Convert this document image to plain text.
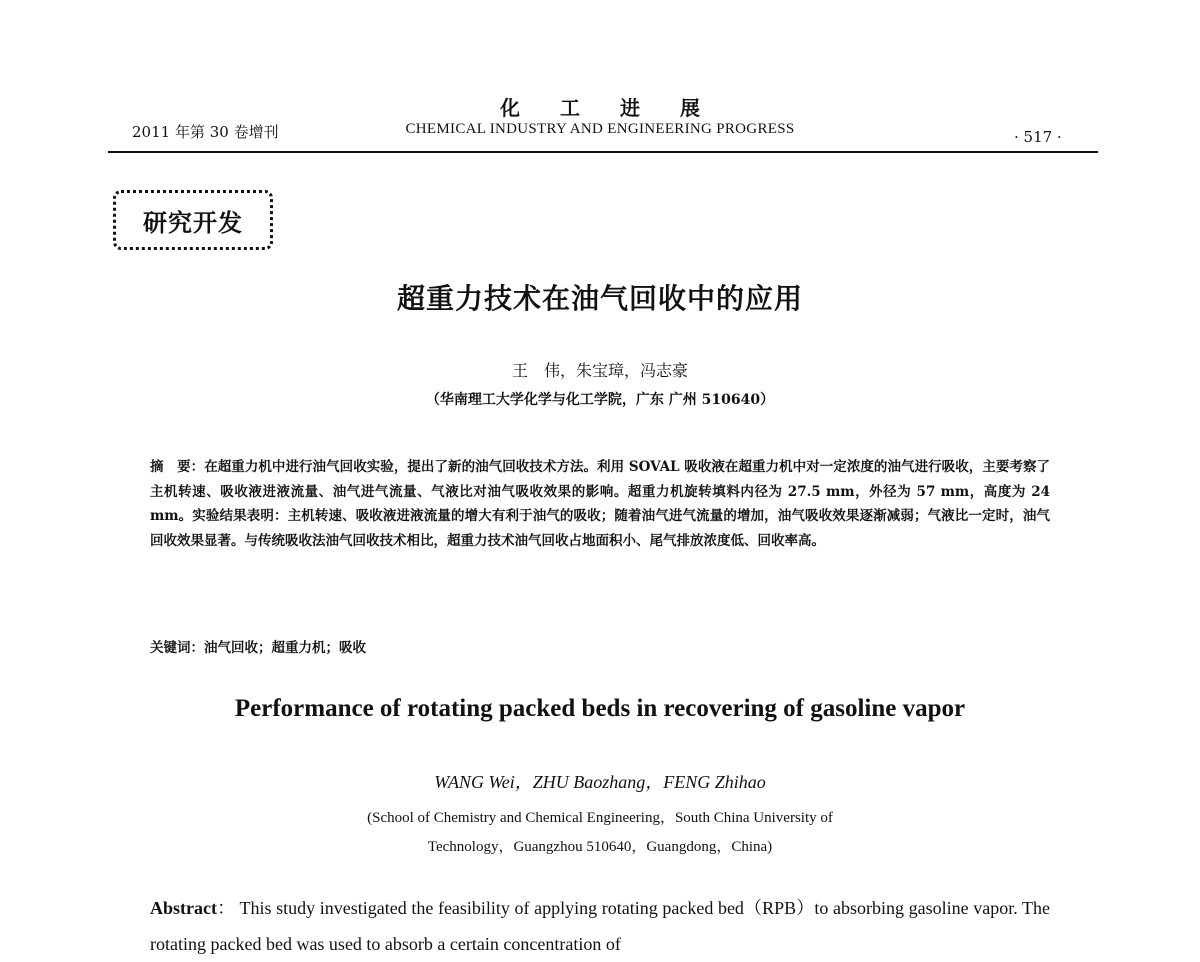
化工进展
2011 年第 30 卷增刊	CHEMICAL INDUSTRY AND ENGINEERING PROGRESS	· 517 ·
研究开发
超重力技术在油气回收中的应用
王　伟，朱宝璋，冯志豪
（华南理工大学化学与化工学院，广东 广州 510640）
摘　要：在超重力机中进行油气回收实验，提出了新的油气回收技术方法。利用 SOVAL 吸收液在超重力机中对一定浓度的油气进行吸收，主要考察了主机转速、吸收液进液流量、油气进气流量、气液比对油气吸收效果的影响。超重力机旋转填料内径为 27.5 mm，外径为 57 mm，高度为 24 mm。实验结果表明：主机转速、吸收液进液流量的增大有利于油气的吸收；随着油气进气流量的增加，油气吸收效果逐渐减弱；气液比一定时，油气回收效果显著。与传统吸收法油气回收技术相比，超重力技术油气回收占地面积小、尾气排放浓度低、回收率高。
关键词：油气回收；超重力机；吸收
Performance of rotating packed beds in recovering of gasoline vapor
WANG Wei，ZHU Baozhang，FENG Zhihao
(School of Chemistry and Chemical Engineering，South China University of
Technology，Guangzhou 510640，Guangdong，China)
Abstract： This study investigated the feasibility of applying rotating packed bed（RPB）to absorbing gasoline vapor. The rotating packed bed was used to absorb a certain concentration of
